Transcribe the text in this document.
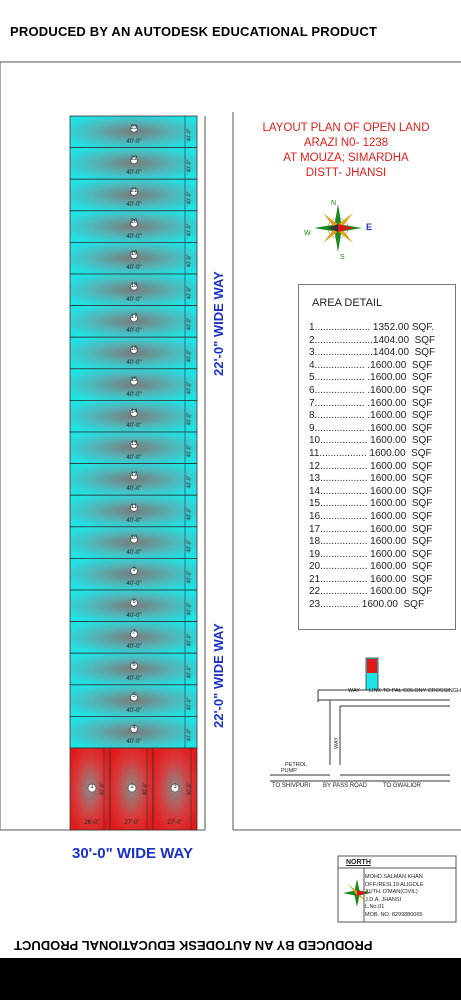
PRODUCED BY AN AUTODESK EDUCATIONAL PRODUCT
LAYOUT PLAN OF OPEN LAND
ARAZI N0- 1238
AT MOUZA; SIMARDHA
DISTT- JHANSI
N
S
E
W
22'-0" WIDE WAY
22'-0" WIDE WAY
30'-0" WIDE WAY
AREA DETAIL
1.................... 1352.00 SQF.
2.....................1404.00  SQF
3.....................1404.00  SQF
4.................. .1600.00  SQF
5.................. .1600.00  SQF
6.................. .1600.00  SQF
7.................. .1600.00  SQF
8.................. .1600.00  SQF
9.................. .1600.00  SQF
10................. 1600.00  SQF
11................. 1600.00  SQF
12................. 1600.00  SQF
13................. 1600.00  SQF
14................. 1600.00  SQF
15................. 1600.00  SQF
16................. 1600.00  SQF
17................. 1600.00  SQF
18................. 1600.00  SQF
19................. 1600.00  SQF
20................. 1600.00  SQF
21................. 1600.00  SQF
22................. 1600.00  SQF
23.............. 1600.00  SQF
WAY LINK TO PAL COLONY CROSSINGH
WAY
PETROL
PUMP
TO SHIVPURI BY PASS ROAD	TO GWALIOR
NORTH
MOHD.SALMAN KHAN
OFF./RESI.19 ALIGOLE
AUTH. D'MAN(CIVIL)
J.D.A. JHANSI
L.No.01
MOB. NO. 8299880065
PRODUCED BY AN AUTODESK EDUCATIONAL PRODUCT OLX
23
40'-0"
40'-0"
22
40'-0"
40'-0"
21
40'-0"
40'-0"
20
40'-0"
40'-0"
19
40'-0"
40'-0"
18
40'-0"
40'-0"
17
40'-0"
40'-0"
16
40'-0"
40'-0"
15
40'-0"
40'-0"
14
40'-0"
40'-0"
13
40'-0"
40'-0"
12
40'-0"
40'-0"
11
40'-0"
40'-0"
10
40'-0"
40'-0"
9
40'-0"
40'-0"
8
40'-0"
40'-0"
7
40'-0"
40'-0"
6
40'-0"
40'-0"
5
40'-0"
40'-0"
4
40'-0"
40'-0"
1
26'-0"
40'-0"	2
27'-0"
40'-0"	3
27'-0"
40'-0"
